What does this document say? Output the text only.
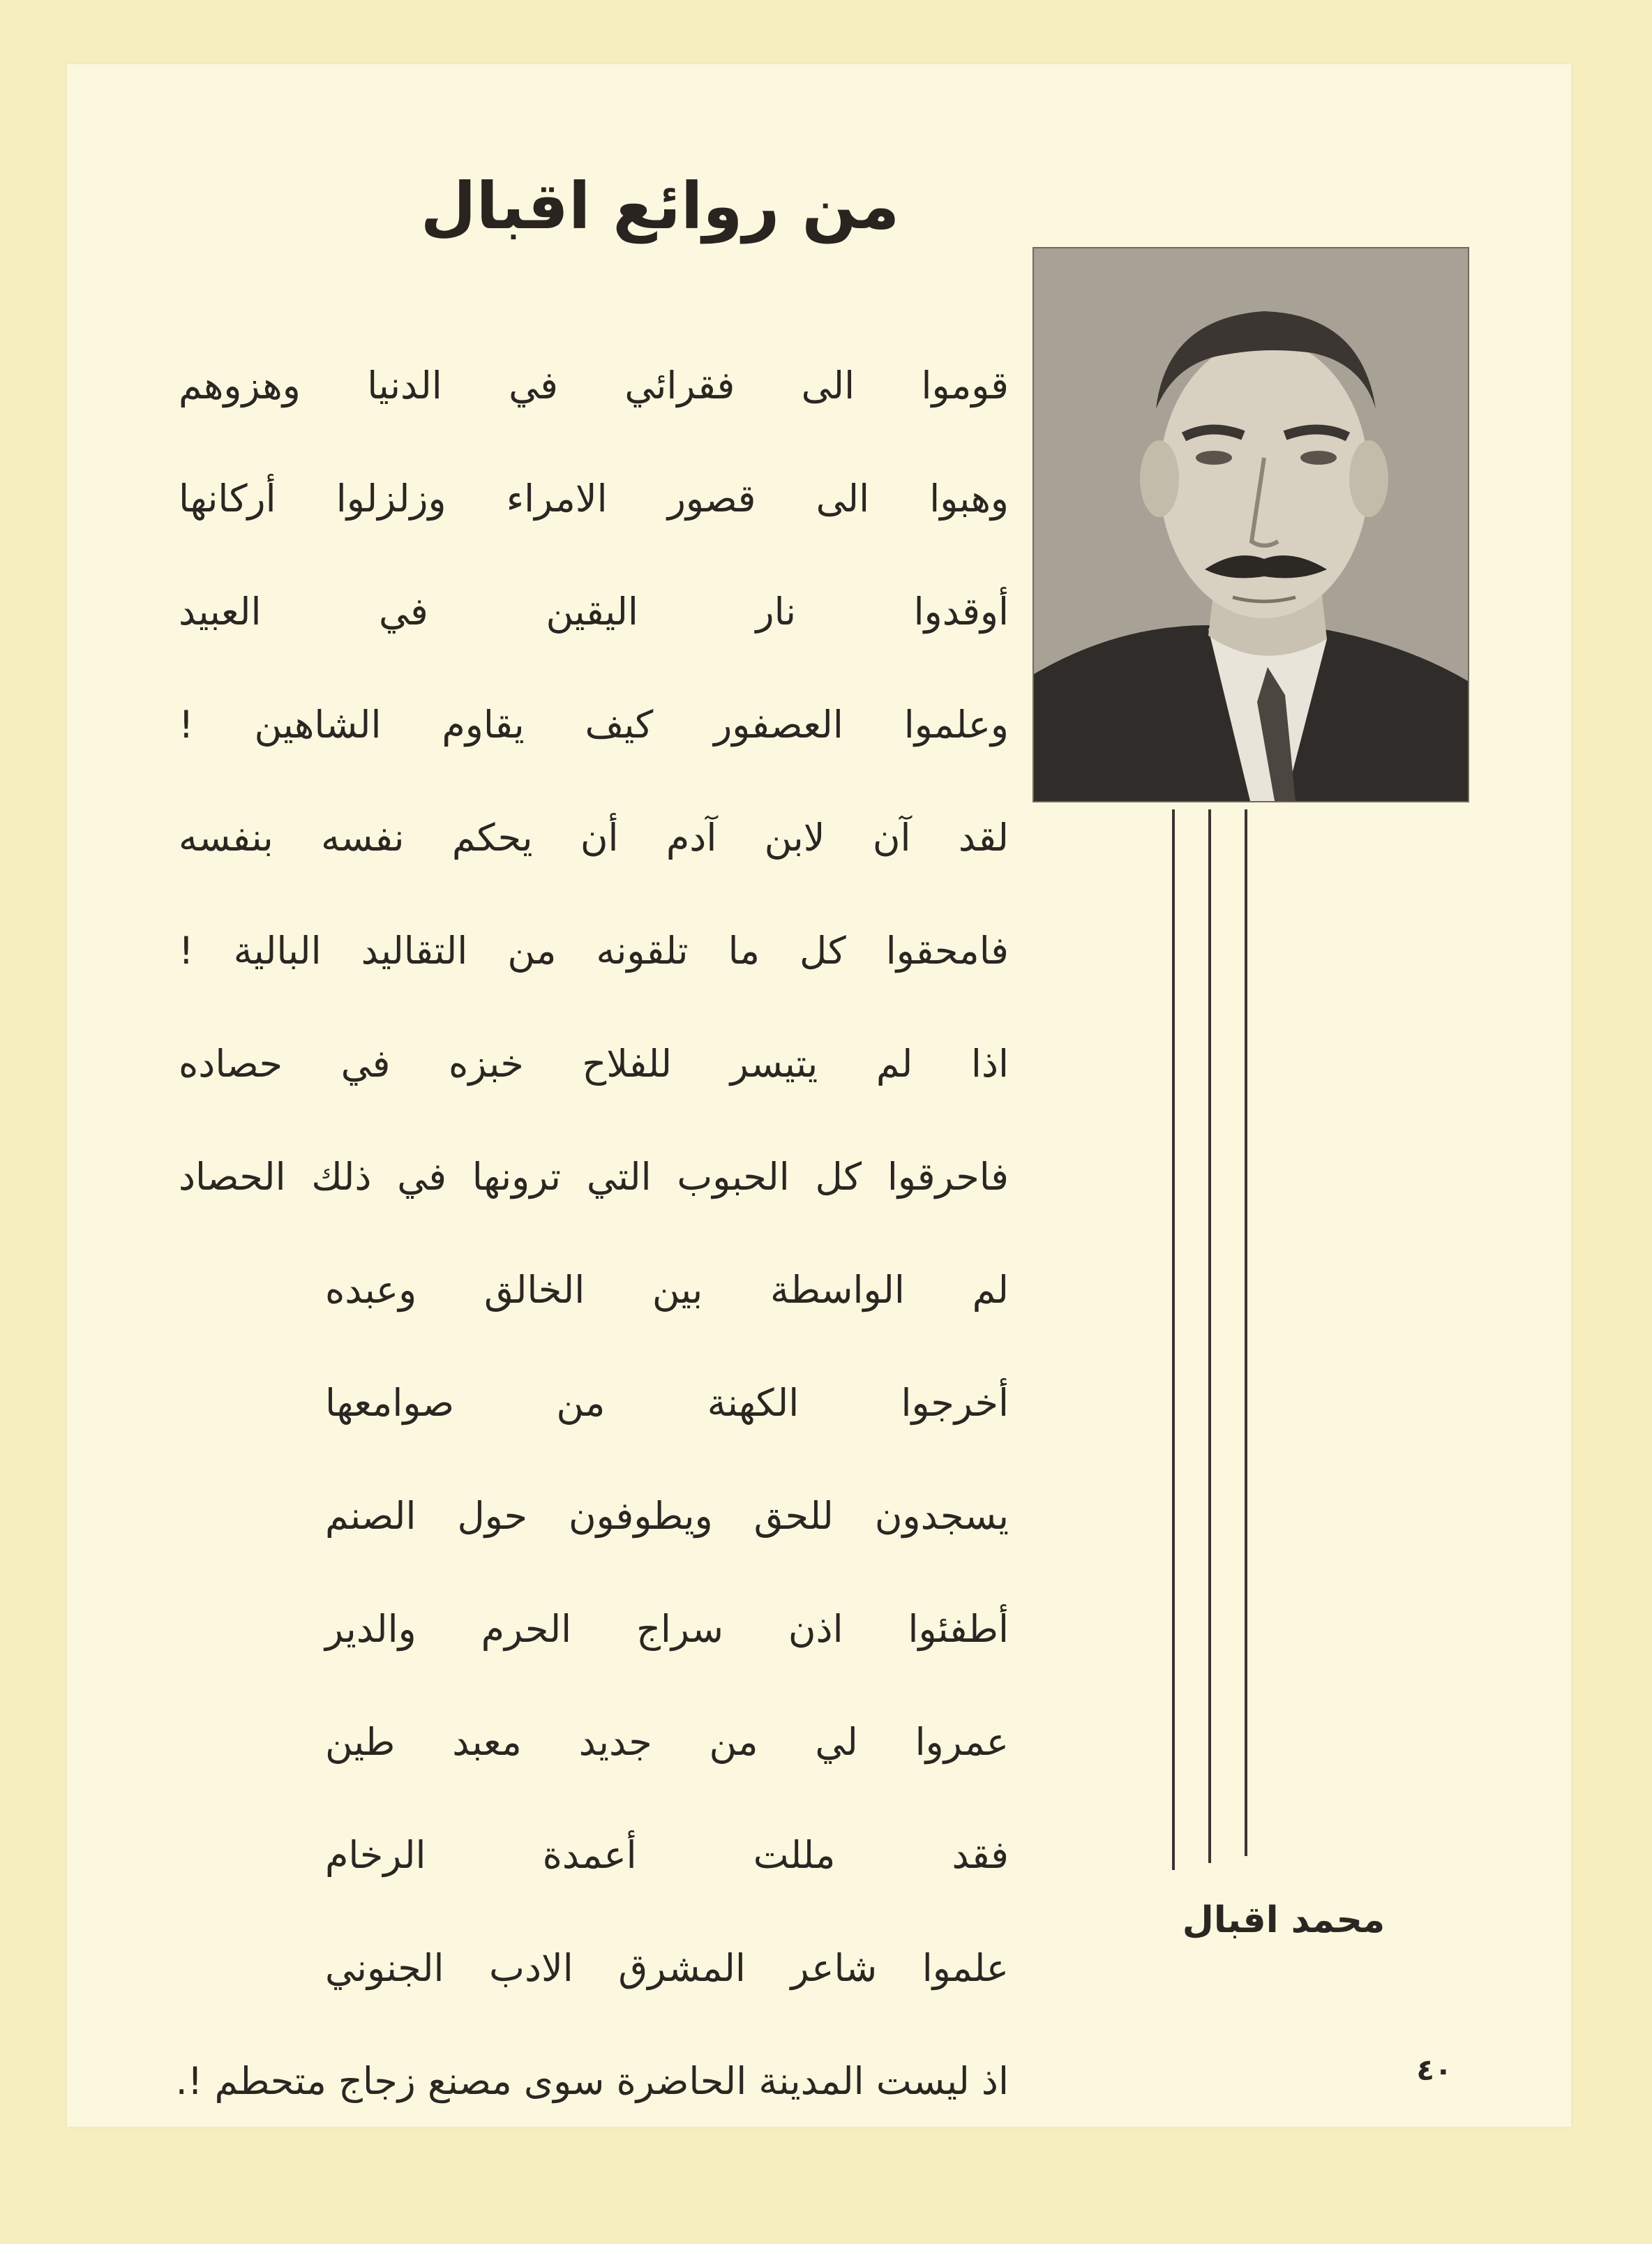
من روائع اقبال
قوموا الى فقرائي في الدنيا وهزوهم
وهبوا الى قصور الامراء وزلزلوا أركانها
أوقدوا نار اليقين في العبيد
وعلموا العصفور كيف يقاوم الشاهين !
لقد آن لابن آدم أن يحكم نفسه بنفسه
فامحقوا كل ما تلقونه من التقاليد البالية !
اذا لم يتيسر للفلاح خبزه في حصاده
فاحرقوا كل الحبوب التي ترونها في ذلك الحصاد
لم الواسطة بين الخالق وعبده
أخرجوا الكهنة من صوامعها
يسجدون للحق ويطوفون حول الصنم
أطفئوا اذن سراج الحرم والدير
عمروا لي من جديد معبد طين
فقد مللت أعمدة الرخام
علموا شاعر المشرق الادب الجنوني
اذ ليست المدينة الحاضرة سوى مصنع زجاج متحطم !.
محمد اقبال
٤٠
